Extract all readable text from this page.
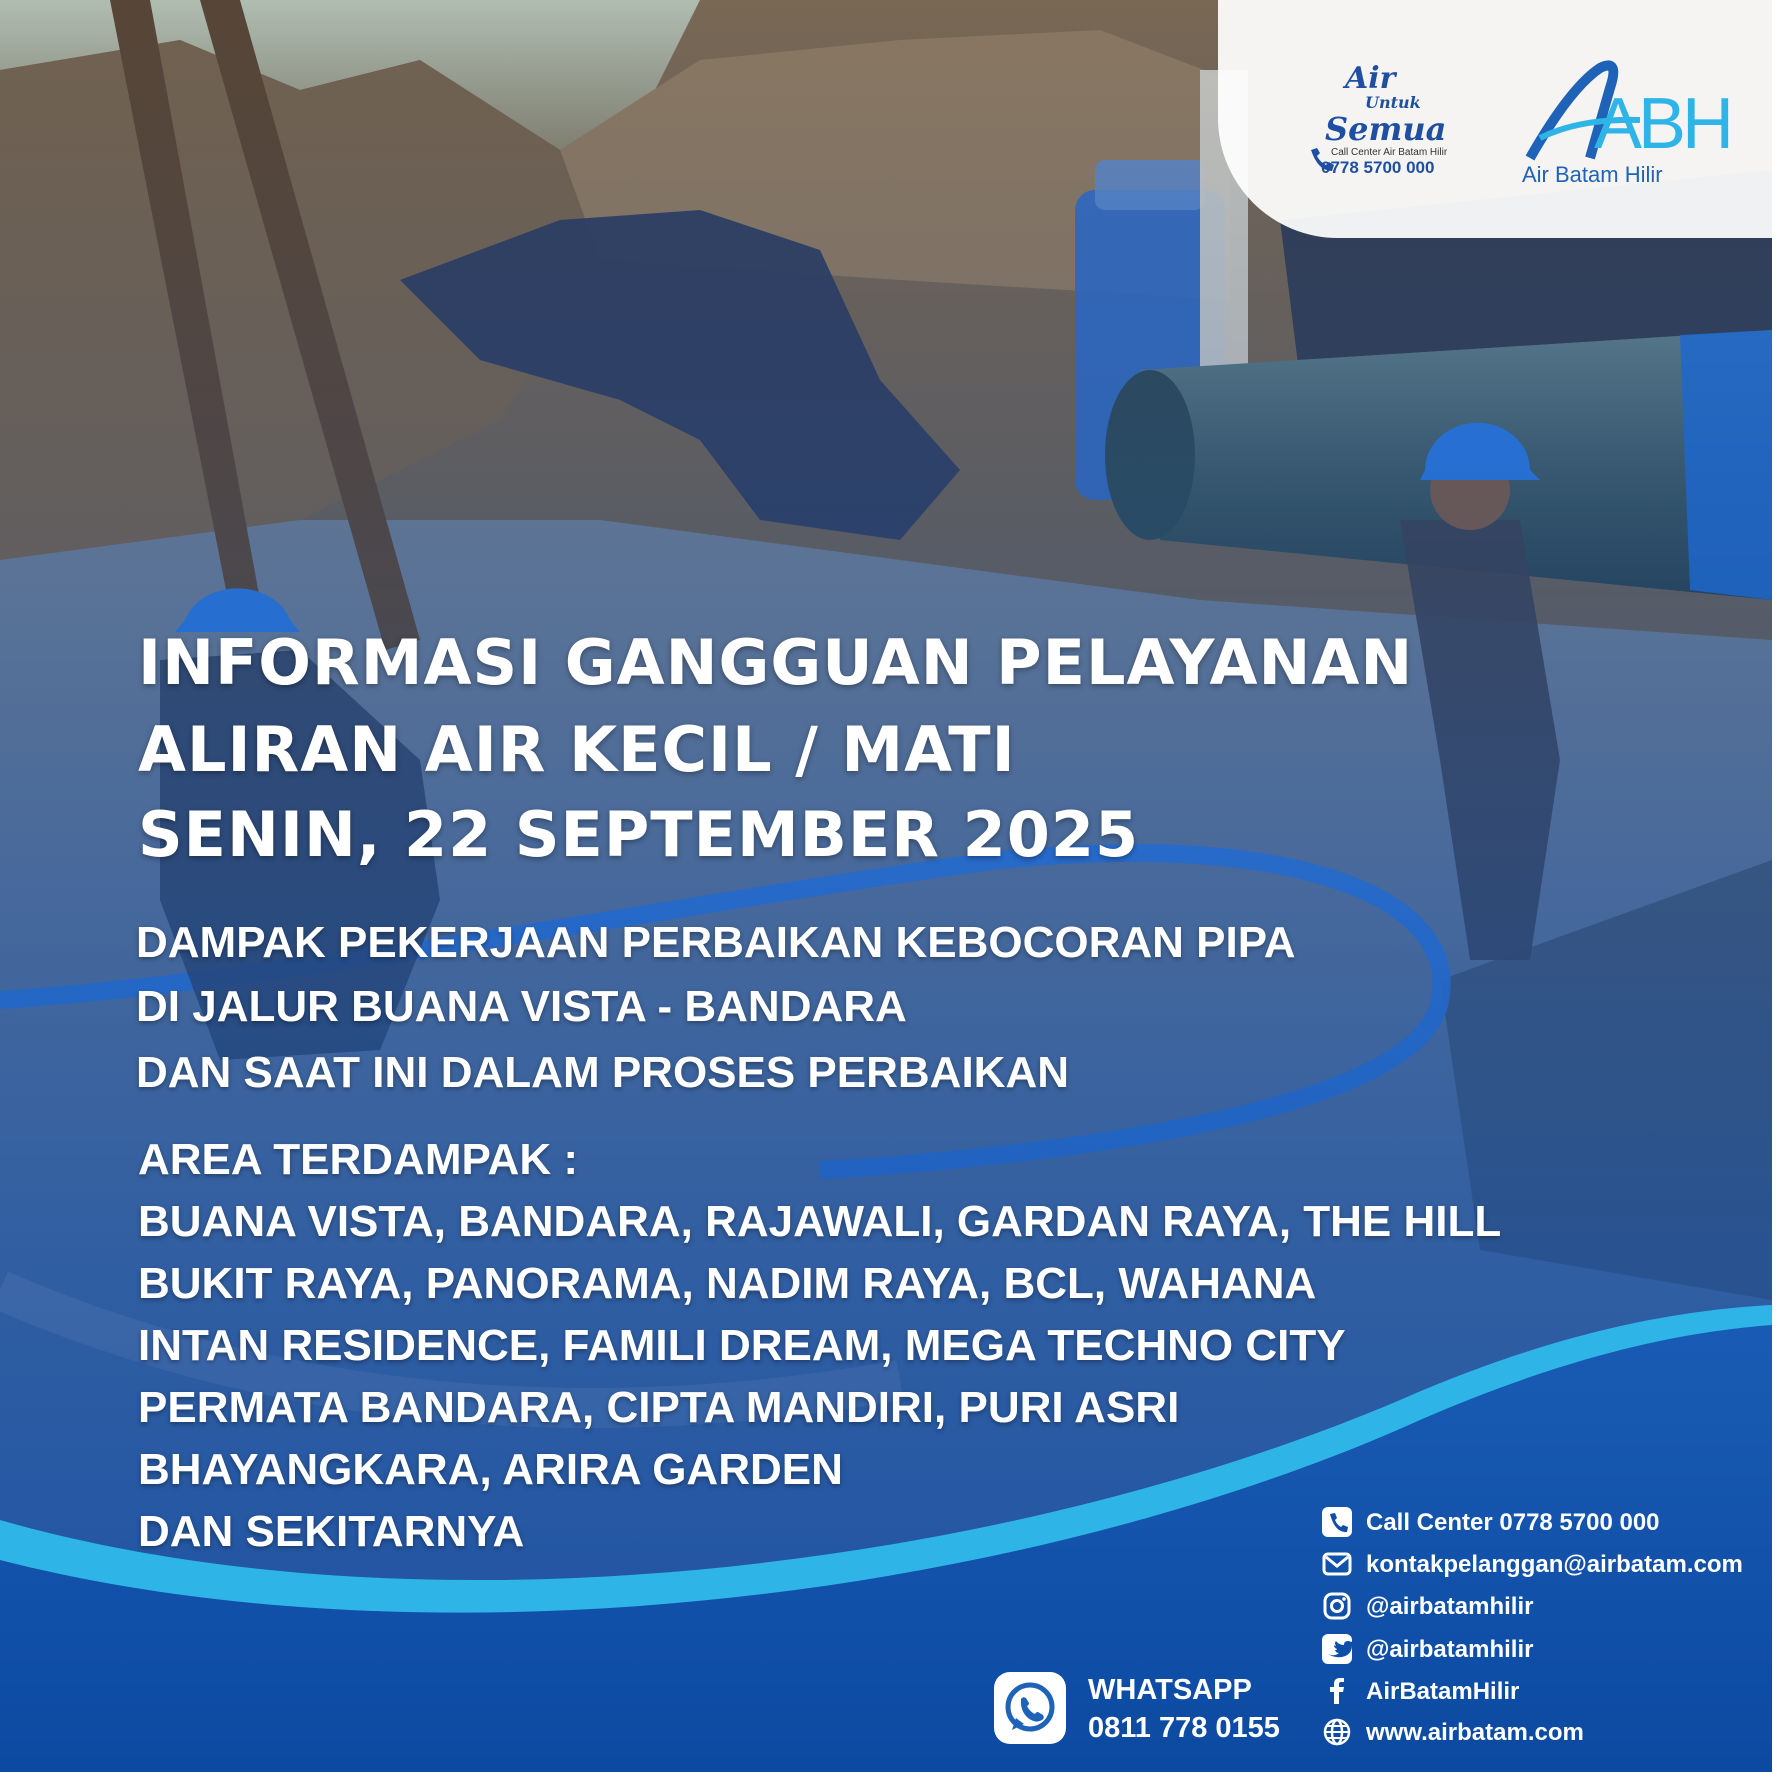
Air
Untuk
Semua
Call Center Air Batam Hilir
0778 5700 000
ABH
Air Batam Hilir
INFORMASI GANGGUAN PELAYANAN
ALIRAN AIR KECIL / MATI
SENIN, 22 SEPTEMBER 2025
DAMPAK PEKERJAAN PERBAIKAN KEBOCORAN PIPA
DI JALUR BUANA VISTA - BANDARA
DAN SAAT INI DALAM PROSES PERBAIKAN
AREA TERDAMPAK :
BUANA VISTA, BANDARA, RAJAWALI, GARDAN RAYA, THE HILL
BUKIT RAYA, PANORAMA, NADIM RAYA, BCL, WAHANA
INTAN RESIDENCE, FAMILI DREAM, MEGA TECHNO CITY
PERMATA BANDARA, CIPTA MANDIRI, PURI ASRI
BHAYANGKARA, ARIRA GARDEN
DAN SEKITARNYA
WHATSAPP
0811 778 0155
Call Center 0778 5700 000
kontakpelanggan@airbatam.com
@airbatamhilir
@airbatamhilir
AirBatamHilir
www.airbatam.com
